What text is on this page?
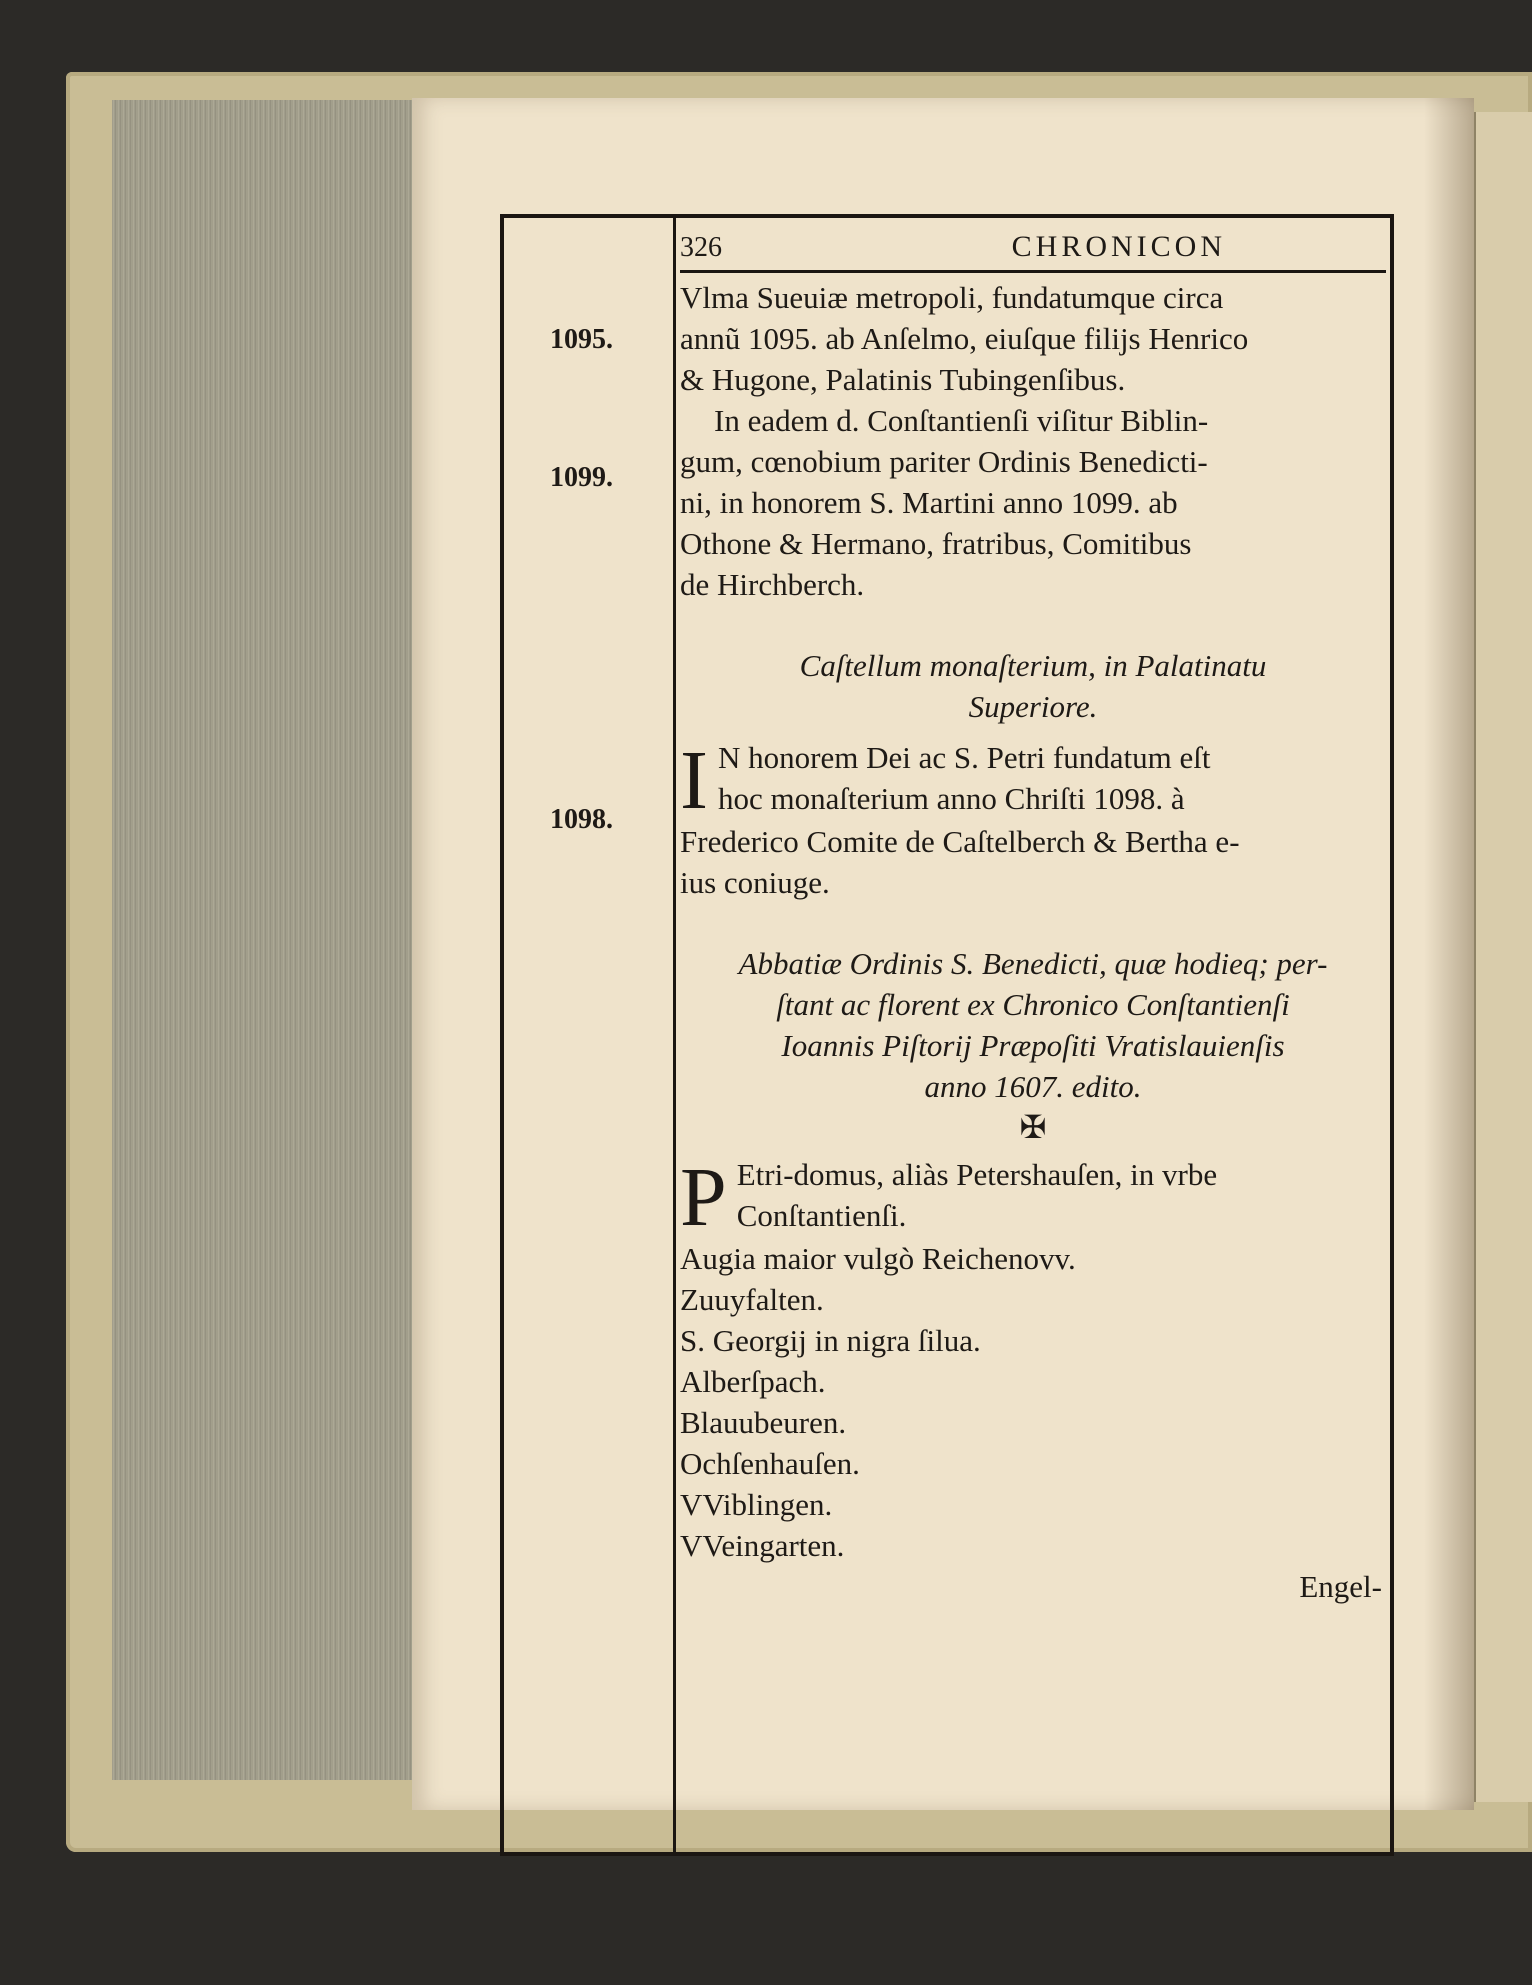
1095.
1099.
1098.
326	CHRONICON
Vlma Sueuiæ metropoli, fundatumque circa
annũ 1095. ab Anſelmo, eiuſque filijs Henrico
& Hugone, Palatinis Tubingenſibus.
In eadem d. Conſtantienſi viſitur Biblin-
gum, cœnobium pariter Ordinis Benedicti-
ni, in honorem S. Martini anno 1099. ab
Othone & Hermano, fratribus, Comitibus
de Hirchberch.
Caſtellum monaſterium, in Palatinatu
Superiore.
I N honorem Dei ac S. Petri fundatum eſt
hoc monaſterium anno Chriſti 1098. à
Frederico Comite de Caſtelberch & Bertha e-
ius coniuge.
Abbatiæ Ordinis S. Benedicti, quæ hodieq; per-
ſtant ac florent ex Chronico Conſtantienſi
Ioannis Piſtorij Præpoſiti Vratislauienſis
anno 1607. edito.
✠
P Etri-domus, aliàs Petershauſen, in vrbe
Conſtantienſi.
Augia maior vulgò Reichenovv.
Zuuyfalten.
S. Georgij in nigra ſilua.
Alberſpach.
Blauubeuren.
Ochſenhauſen.
VViblingen.
VVeingarten.
Engel-
